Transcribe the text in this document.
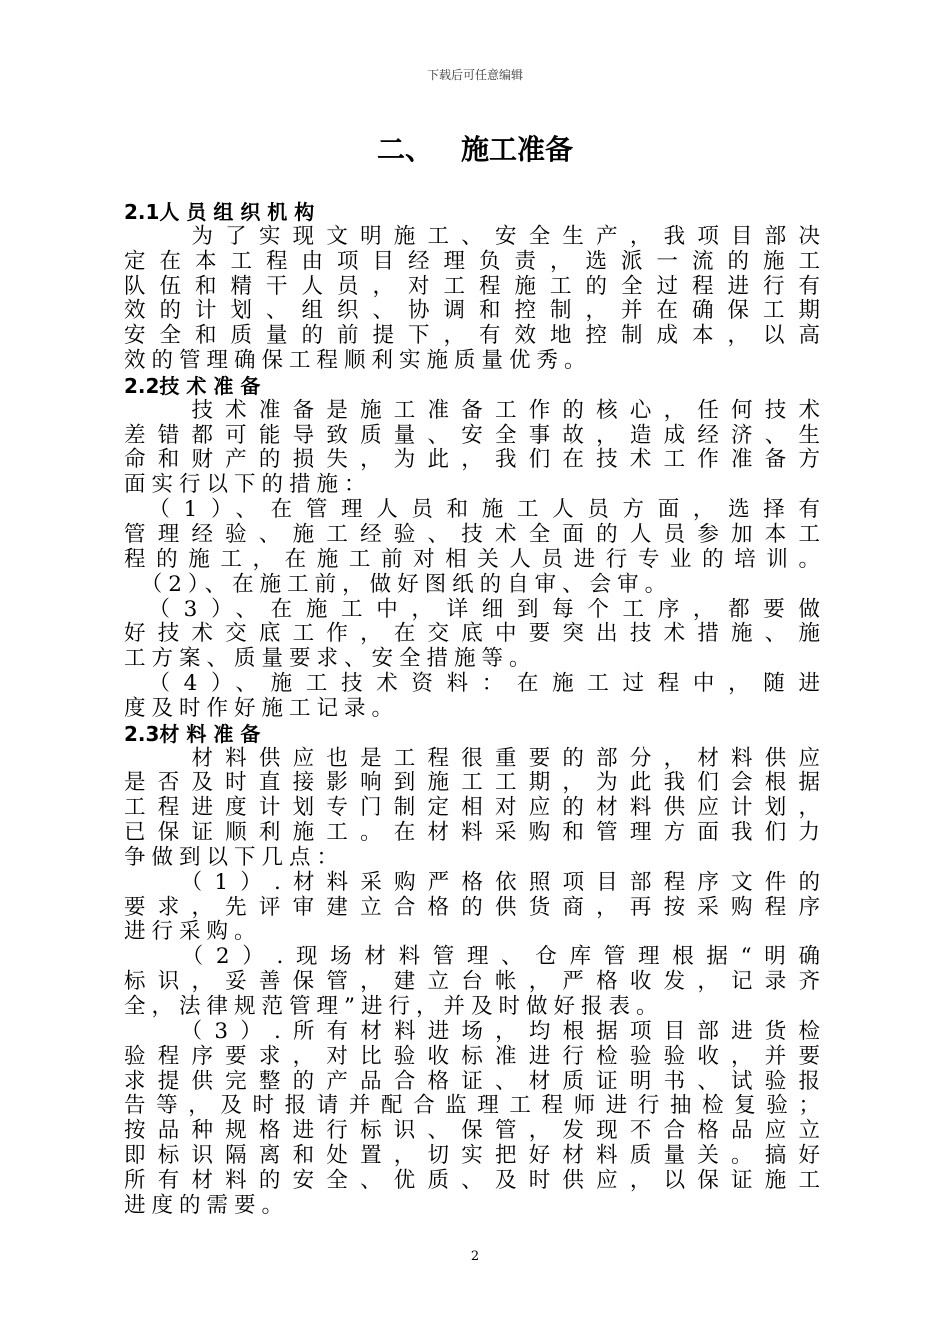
下载后可任意编辑
二、 施工准备
2.1人 员 组 织 机 构
　　为了实现文明施工、安全生产，我项目部决
定在本工程由项目经理负责，选派一流的施工
队伍和精干人员，对工程施工的全过程进行有
效的计划、组织、协调和控制，并在确保工期
安全和质量的前提下，有效地控制成本，以高
效的管理确保工程顺利实施质量优秀。
2.2技 术 准 备
　　技术准备是施工准备工作的核心，任何技术
差错都可能导致质量、安全事故，造成经济、生
命和财产的损失，为此，我们在技术工作准备方
面实行以下的措施：
　（1）、在管理人员和施工人员方面，选择有
管理经验、施工经验、技术全面的人员参加本工
程的施工，在施工前对相关人员进行专业的培训。
　（2）、在施工前，做好图纸的自审、会审。
　（3）、在施工中，详细到每个工序，都要做
好技术交底工作，在交底中要突出技术措施、施
工方案、质量要求、安全措施等。
　（4）、施工技术资料：在施工过程中，随进
度及时作好施工记录。
2.3材 料 准 备
　　材料供应也是工程很重要的部分，材料供应
是否及时直接影响到施工工期，为此我们会根据
工程进度计划专门制定相对应的材料供应计划，
已保证顺利施工。在材料采购和管理方面我们力
争做到以下几点：
　　（1）.材料采购严格依照项目部程序文件的
要求，先评审建立合格的供货商，再按采购程序
进行采购。
　　（2）.现场材料管理、仓库管理根据“明确
标识，妥善保管，建立台帐，严格收发，记录齐
全，法律规范管理”进行，并及时做好报表。
　　（3）.所有材料进场，均根据项目部进货检
验程序要求，对比验收标准进行检验验收，并要
求提供完整的产品合格证、材质证明书、试验报
告等，及时报请并配合监理工程师进行抽检复验；
按品种规格进行标识、保管，发现不合格品应立
即标识隔离和处置，切实把好材料质量关。搞好
所有材料的安全、优质、及时供应，以保证施工
进度的需要。
2
